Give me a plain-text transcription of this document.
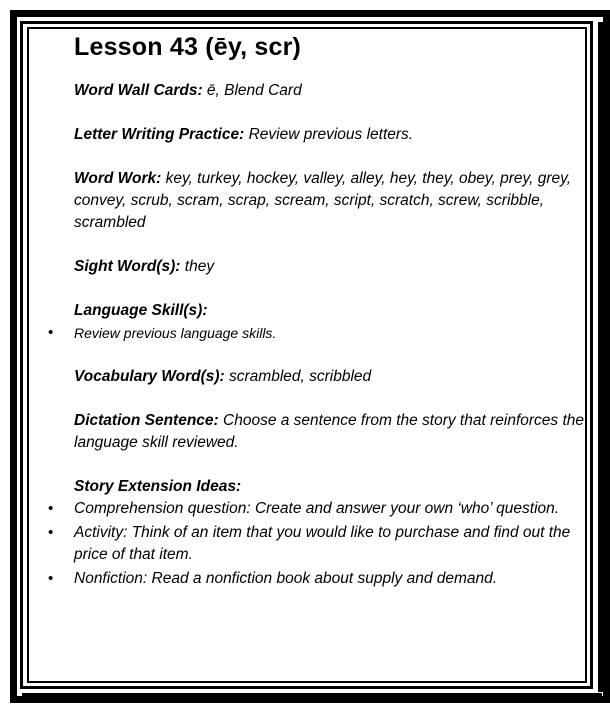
Lesson 43 (ēy, scr)

Word Wall Cards: ē, Blend Card

Letter Writing Practice: Review previous letters.

Word Work: key, turkey, hockey, valley, alley, hey, they, obey, prey, grey, convey, scrub, scram, scrap, scream, script, scratch, screw, scribble, scrambled

Sight Word(s): they

Language Skill(s):

• Review previous language skills.

Vocabulary Word(s): scrambled, scribbled

Dictation Sentence: Choose a sentence from the story that reinforces the language skill reviewed.

Story Extension Ideas:

• Comprehension question: Create and answer your own ‘who’ question.
• Activity: Think of an item that you would like to purchase and find out the price of that item.
• Nonfiction: Read a nonfiction book about supply and demand.
